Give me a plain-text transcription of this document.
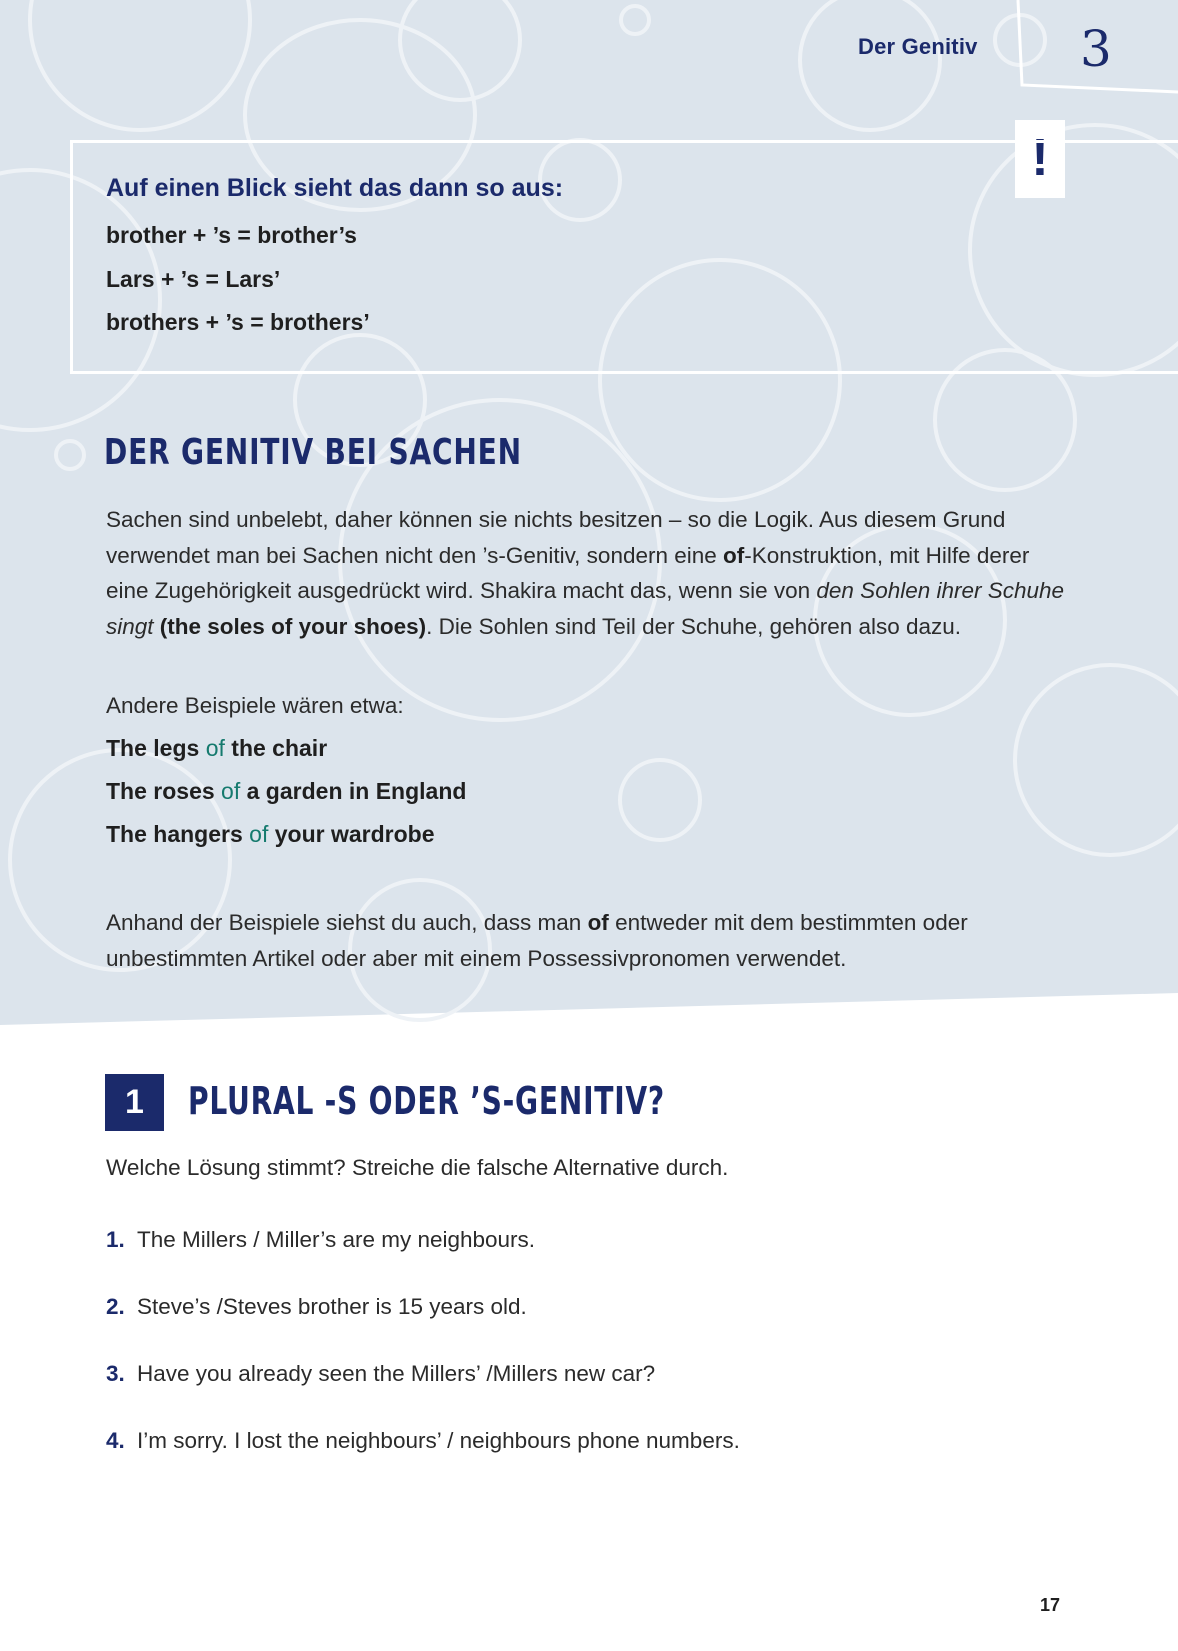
Der Genitiv 3
!
Auf einen Blick sieht das dann so aus:
brother + ’s = brother’s
Lars + ’s = Lars’
brothers + ’s = brothers’
DER GENITIV BEI SACHEN
Sachen sind unbelebt, daher können sie nichts besitzen – so die Logik. Aus diesem Grund verwendet man bei Sachen nicht den ’s-Genitiv, sondern eine of-Konstruktion, mit Hilfe derer eine Zugehörigkeit ausgedrückt wird. Shakira macht das, wenn sie von den Sohlen ihrer Schuhe singt (the soles of your shoes). Die Sohlen sind Teil der Schuhe, gehören also dazu.
Andere Beispiele wären etwa:
The legs of the chair
The roses of a garden in England
The hangers of your wardrobe
Anhand der Beispiele siehst du auch, dass man of entweder mit dem bestimmten oder unbestimmten Artikel oder aber mit einem Possessivpronomen verwendet.
1	PLURAL -S ODER ’S-GENITIV?
Welche Lösung stimmt? Streiche die falsche Alternative durch.
1. The Millers / Miller’s are my neighbours.
2. Steve’s /Steves brother is 15 years old.
3. Have you already seen the Millers’ /Millers new car?
4. I’m sorry. I lost the neighbours’ / neighbours phone numbers.
17
